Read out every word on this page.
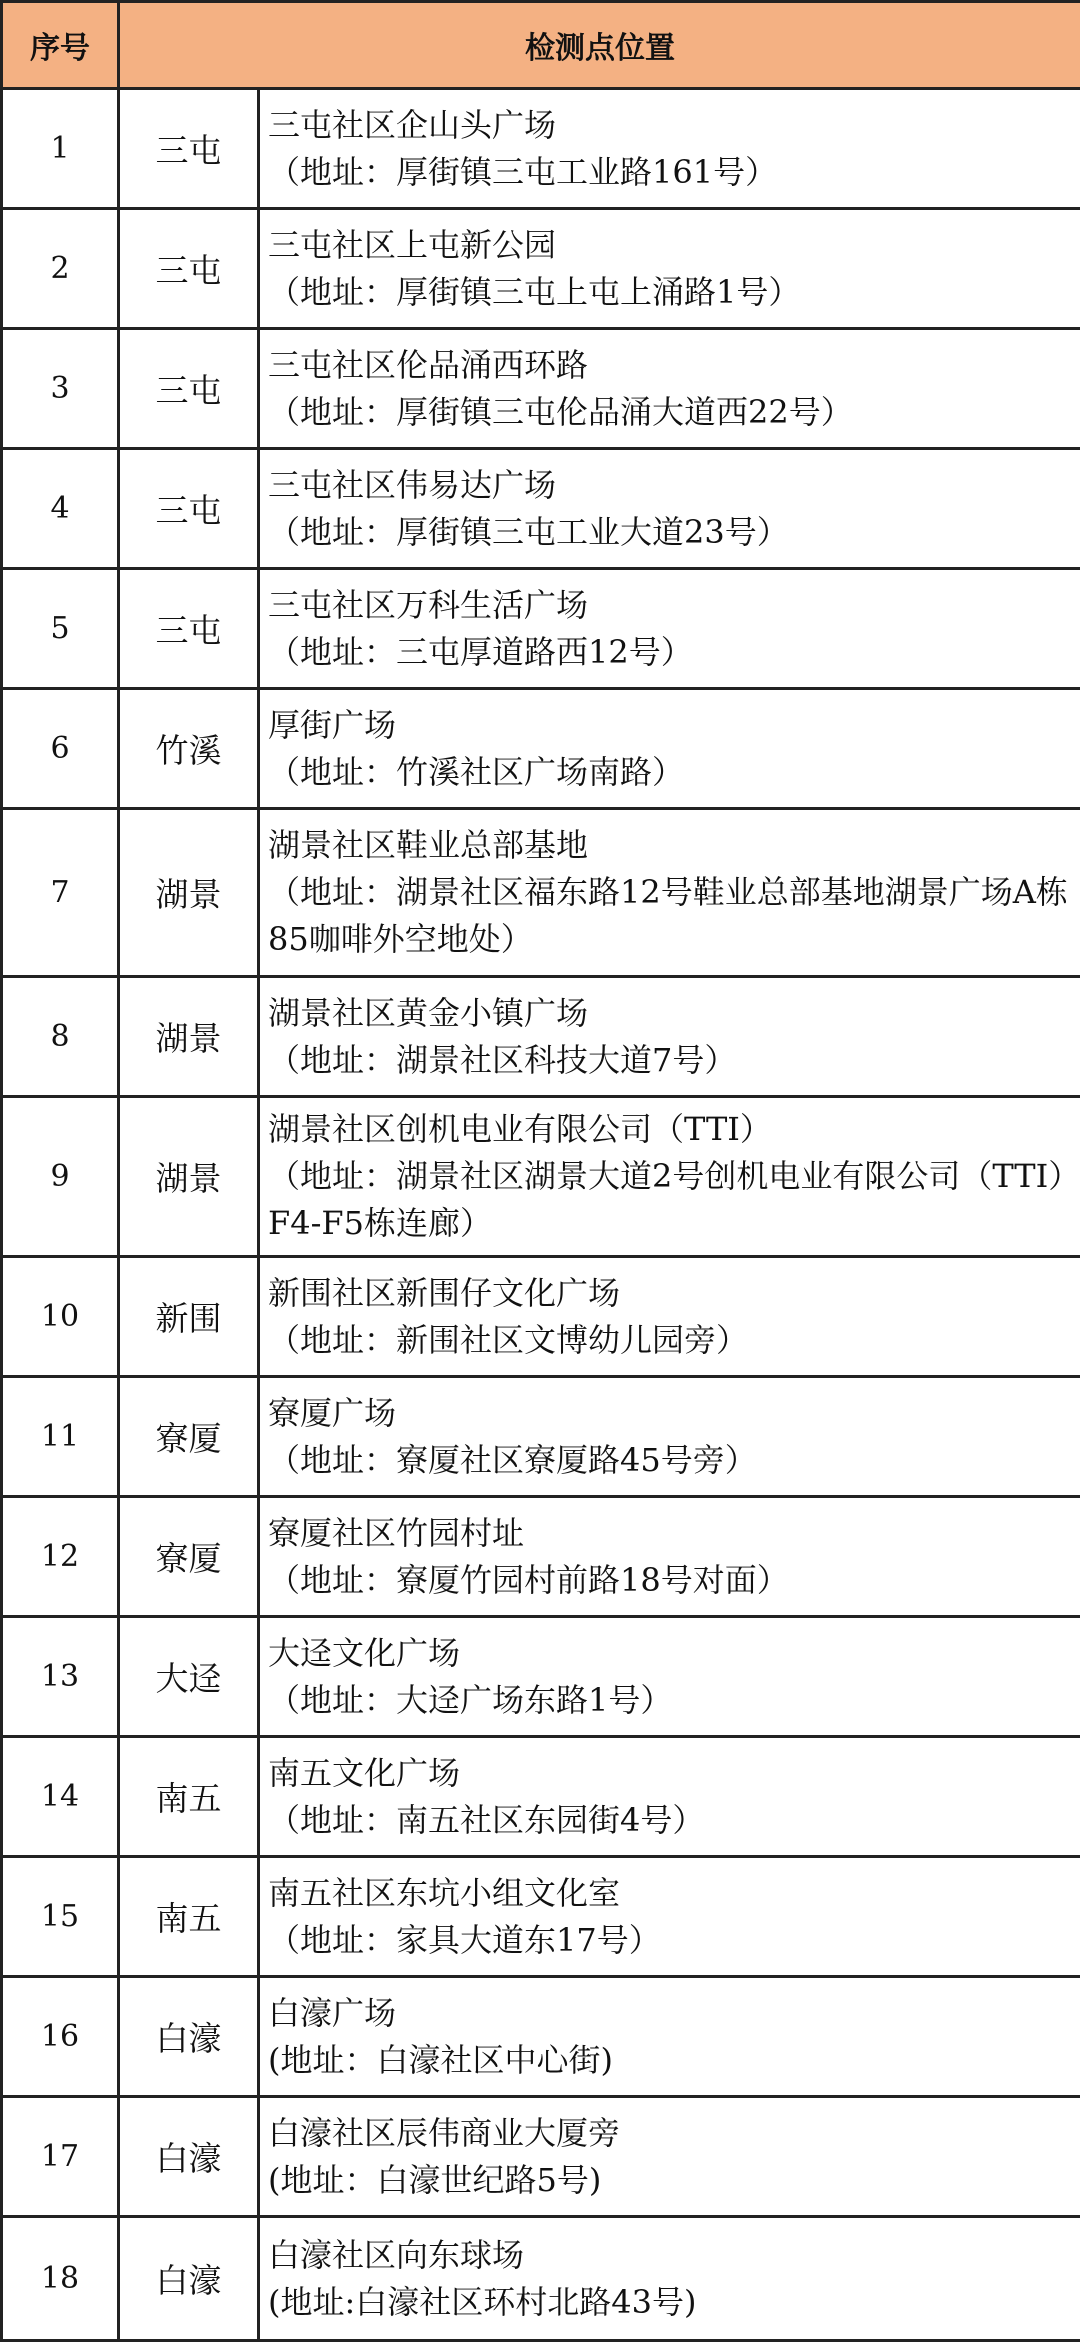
序号	检测点位置	
1	三屯	三屯社区企山头广场
（地址：厚街镇三屯工业路161号）

2	三屯	三屯社区上屯新公园
（地址：厚街镇三屯上屯上涌路1号）

3	三屯	三屯社区伦品涌西环路
（地址：厚街镇三屯伦品涌大道西22号）

4	三屯	三屯社区伟易达广场
（地址：厚街镇三屯工业大道23号）

5	三屯	三屯社区万科生活广场
（地址：三屯厚道路西12号）

6	竹溪	厚街广场
（地址：竹溪社区广场南路）

7	湖景	湖景社区鞋业总部基地
（地址：湖景社区福东路12号鞋业总部基地湖景广场A栋85咖啡外空地处）

8	湖景	湖景社区黄金小镇广场
（地址：湖景社区科技大道7号）

9	湖景	湖景社区创机电业有限公司（TTI）
（地址：湖景社区湖景大道2号创机电业有限公司（TTI）F4-F5栋连廊）

10	新围	新围社区新围仔文化广场
（地址：新围社区文博幼儿园旁）

11	寮厦	寮厦广场
（地址：寮厦社区寮厦路45号旁）

12	寮厦	寮厦社区竹园村址
（地址：寮厦竹园村前路18号对面）

13	大迳	大迳文化广场
（地址：大迳广场东路1号）

14	南五	南五文化广场
（地址：南五社区东园街4号）

15	南五	南五社区东坑小组文化室
（地址：家具大道东17号）

16	白濠	白濠广场
(地址：白濠社区中心街)

17	白濠	白濠社区辰伟商业大厦旁
(地址：白濠世纪路5号)

18	白濠	白濠社区向东球场
(地址:白濠社区环村北路43号)
